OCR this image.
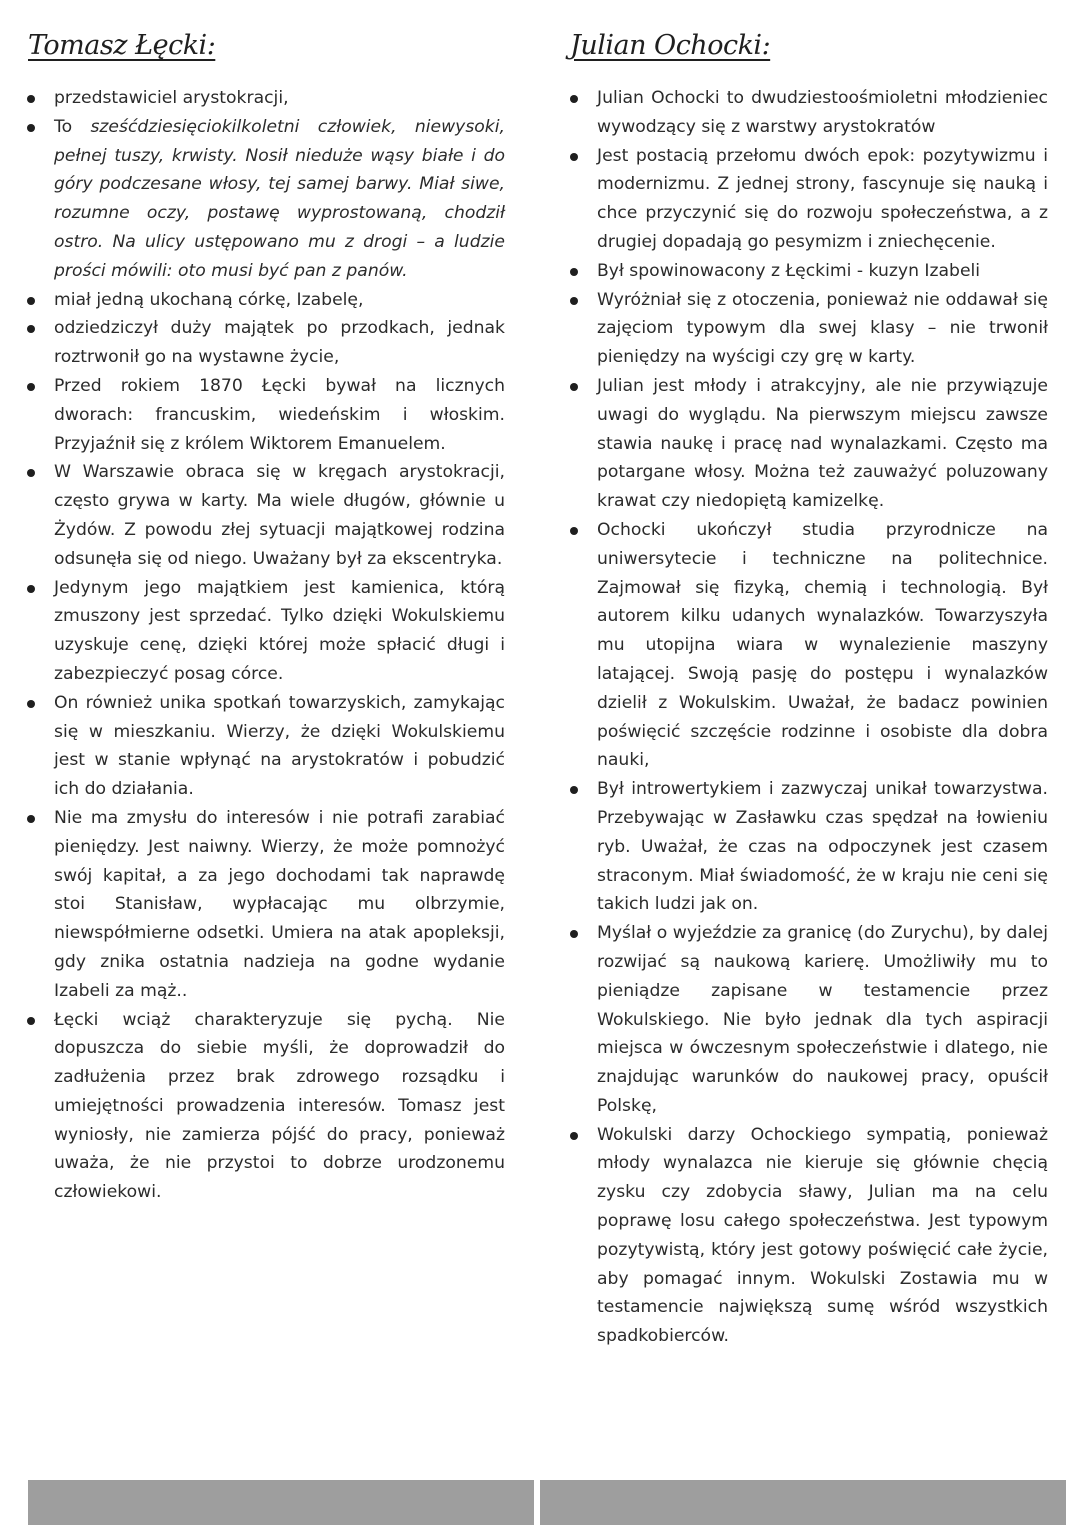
Tomasz Łęcki:
przedstawiciel arystokracji,
To sześćdziesięciokilkoletni człowiek, niewysoki, pełnej tuszy, krwisty. Nosił nieduże wąsy białe i do góry podczesane włosy, tej samej barwy. Miał siwe, rozumne oczy, postawę wyprostowaną, chodził ostro. Na ulicy ustępowano mu z drogi – a ludzie prości mówili: oto musi być pan z panów.
miał jedną ukochaną córkę, Izabelę,
odziedziczył duży majątek po przodkach, jednak roztrwonił go na wystawne życie,
Przed rokiem 1870 Łęcki bywał na licznych dworach: francuskim, wiedeńskim i włoskim. Przyjaźnił się z królem Wiktorem Emanuelem.
W Warszawie obraca się w kręgach arystokracji, często grywa w karty. Ma wiele długów, głównie u Żydów. Z powodu złej sytuacji majątkowej rodzina odsunęła się od niego. Uważany był za ekscentryka.
Jedynym jego majątkiem jest kamienica, którą zmuszony jest sprzedać. Tylko dzięki Wokulskiemu uzyskuje cenę, dzięki której może spłacić długi i zabezpieczyć posag córce.
On również unika spotkań towarzyskich, zamykając się w mieszkaniu. Wierzy, że dzięki Wokulskiemu jest w stanie wpłynąć na arystokratów i pobudzić ich do działania.
Nie ma zmysłu do interesów i nie potrafi zarabiać pieniędzy. Jest naiwny. Wierzy, że może pomnożyć swój kapitał, a za jego dochodami tak naprawdę stoi Stanisław, wypłacając mu olbrzymie, niewspółmierne odsetki. Umiera na atak apopleksji, gdy znika ostatnia nadzieja na godne wydanie Izabeli za mąż..
Łęcki wciąż charakteryzuje się pychą. Nie dopuszcza do siebie myśli, że doprowadził do zadłużenia przez brak zdrowego rozsądku i umiejętności prowadzenia interesów. Tomasz jest wyniosły, nie zamierza pójść do pracy, ponieważ uważa, że nie przystoi to dobrze urodzonemu człowiekowi.
Julian Ochocki:
Julian Ochocki to dwudziestoośmioletni młodzieniec wywodzący się z warstwy arystokratów
Jest postacią przełomu dwóch epok: pozytywizmu i modernizmu. Z jednej strony, fascynuje się nauką i chce przyczynić się do rozwoju społeczeństwa, a z drugiej dopadają go pesymizm i zniechęcenie.
Był spowinowacony z Łęckimi - kuzyn Izabeli
Wyróżniał się z otoczenia, ponieważ nie oddawał się zajęciom typowym dla swej klasy – nie trwonił pieniędzy na wyścigi czy grę w karty.
Julian jest młody i atrakcyjny, ale nie przywiązuje uwagi do wyglądu. Na pierwszym miejscu zawsze stawia naukę i pracę nad wynalazkami. Często ma potargane włosy. Można też zauważyć poluzowany krawat czy niedopiętą kamizelkę.
Ochocki ukończył studia przyrodnicze na uniwersytecie i techniczne na politechnice. Zajmował się fizyką, chemią i technologią. Był autorem kilku udanych wynalazków. Towarzyszyła mu utopijna wiara w wynalezienie maszyny latającej. Swoją pasję do postępu i wynalazków dzielił z Wokulskim. Uważał, że badacz powinien poświęcić szczęście rodzinne i osobiste dla dobra nauki,
Był introwertykiem i zazwyczaj unikał towarzystwa. Przebywając w Zasławku czas spędzał na łowieniu ryb. Uważał, że czas na odpoczynek jest czasem straconym. Miał świadomość, że w kraju nie ceni się takich ludzi jak on.
Myślał o wyjeździe za granicę (do Zurychu), by dalej rozwijać są naukową karierę. Umożliwiły mu to pieniądze zapisane w testamencie przez Wokulskiego. Nie było jednak dla tych aspiracji miejsca w ówczesnym społeczeństwie i dlatego, nie znajdując warunków do naukowej pracy, opuścił Polskę,
Wokulski darzy Ochockiego sympatią, ponieważ młody wynalazca nie kieruje się głównie chęcią zysku czy zdobycia sławy, Julian ma na celu poprawę losu całego społeczeństwa. Jest typowym pozytywistą, który jest gotowy poświęcić całe życie, aby pomagać innym. Wokulski Zostawia mu w testamencie największą sumę wśród wszystkich spadkobierców.
